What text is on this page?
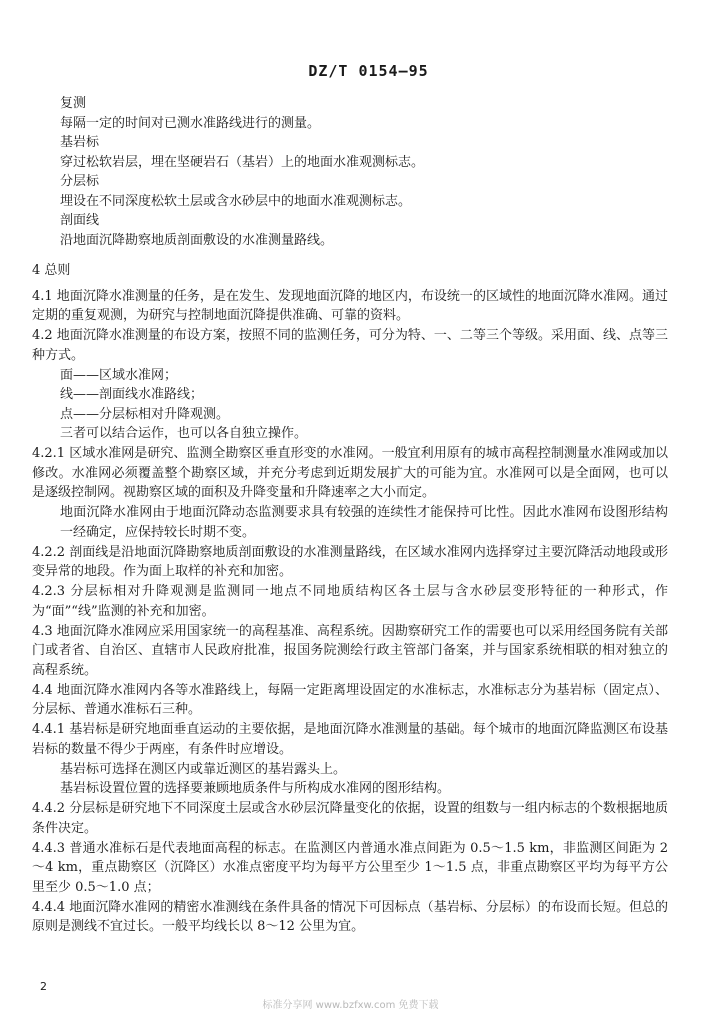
DZ/T 0154—95

复测

每隔一定的时间对已测水准路线进行的测量。

基岩标

穿过松软岩层，埋在坚硬岩石（基岩）上的地面水准观测标志。

分层标

埋设在不同深度松软土层或含水砂层中的地面水准观测标志。

剖面线

沿地面沉降勘察地质剖面敷设的水准测量路线。

4 总则

4.1 地面沉降水准测量的任务，是在发生、发现地面沉降的地区内，布设统一的区域性的地面沉降水准网。通过定期的重复观测，为研究与控制地面沉降提供准确、可靠的资料。

4.2 地面沉降水准测量的布设方案，按照不同的监测任务，可分为特、一、二等三个等级。采用面、线、点等三种方式。

面——区域水准网；

线——剖面线水准路线；

点——分层标相对升降观测。

三者可以结合运作，也可以各自独立操作。

4.2.1 区域水准网是研究、监测全勘察区垂直形变的水准网。一般宜利用原有的城市高程控制测量水准网或加以修改。水准网必须覆盖整个勘察区域，并充分考虑到近期发展扩大的可能为宜。水准网可以是全面网，也可以是逐级控制网。视勘察区域的面积及升降变量和升降速率之大小而定。

地面沉降水准网由于地面沉降动态监测要求具有较强的连续性才能保持可比性。因此水准网布设图形结构一经确定，应保持较长时期不变。

4.2.2 剖面线是沿地面沉降勘察地质剖面敷设的水准测量路线，在区域水准网内选择穿过主要沉降活动地段或形变异常的地段。作为面上取样的补充和加密。

4.2.3 分层标相对升降观测是监测同一地点不同地质结构区各土层与含水砂层变形特征的一种形式，作为“面”“线”监测的补充和加密。

4.3 地面沉降水准网应采用国家统一的高程基准、高程系统。因勘察研究工作的需要也可以采用经国务院有关部门或者省、自治区、直辖市人民政府批准，报国务院测绘行政主管部门备案，并与国家系统相联的相对独立的高程系统。

4.4 地面沉降水准网内各等水准路线上，每隔一定距离埋设固定的水准标志，水准标志分为基岩标（固定点）、分层标、普通水准标石三种。

4.4.1 基岩标是研究地面垂直运动的主要依据，是地面沉降水准测量的基础。每个城市的地面沉降监测区布设基岩标的数量不得少于两座，有条件时应增设。

基岩标可选择在测区内或靠近测区的基岩露头上。

基岩标设置位置的选择要兼顾地质条件与所构成水准网的图形结构。

4.4.2 分层标是研究地下不同深度土层或含水砂层沉降量变化的依据，设置的组数与一组内标志的个数根据地质条件决定。

4.4.3 普通水准标石是代表地面高程的标志。在监测区内普通水准点间距为 0.5～1.5 km，非监测区间距为 2～4 km，重点勘察区（沉降区）水准点密度平均为每平方公里至少 1～1.5 点，非重点勘察区平均为每平方公里至少 0.5～1.0 点；

4.4.4 地面沉降水准网的精密水准测线在条件具备的情况下可因标点（基岩标、分层标）的布设而长短。但总的原则是测线不宜过长。一般平均线长以 8～12 公里为宜。

2
标准分享网 www.bzfxw.com 免费下载
